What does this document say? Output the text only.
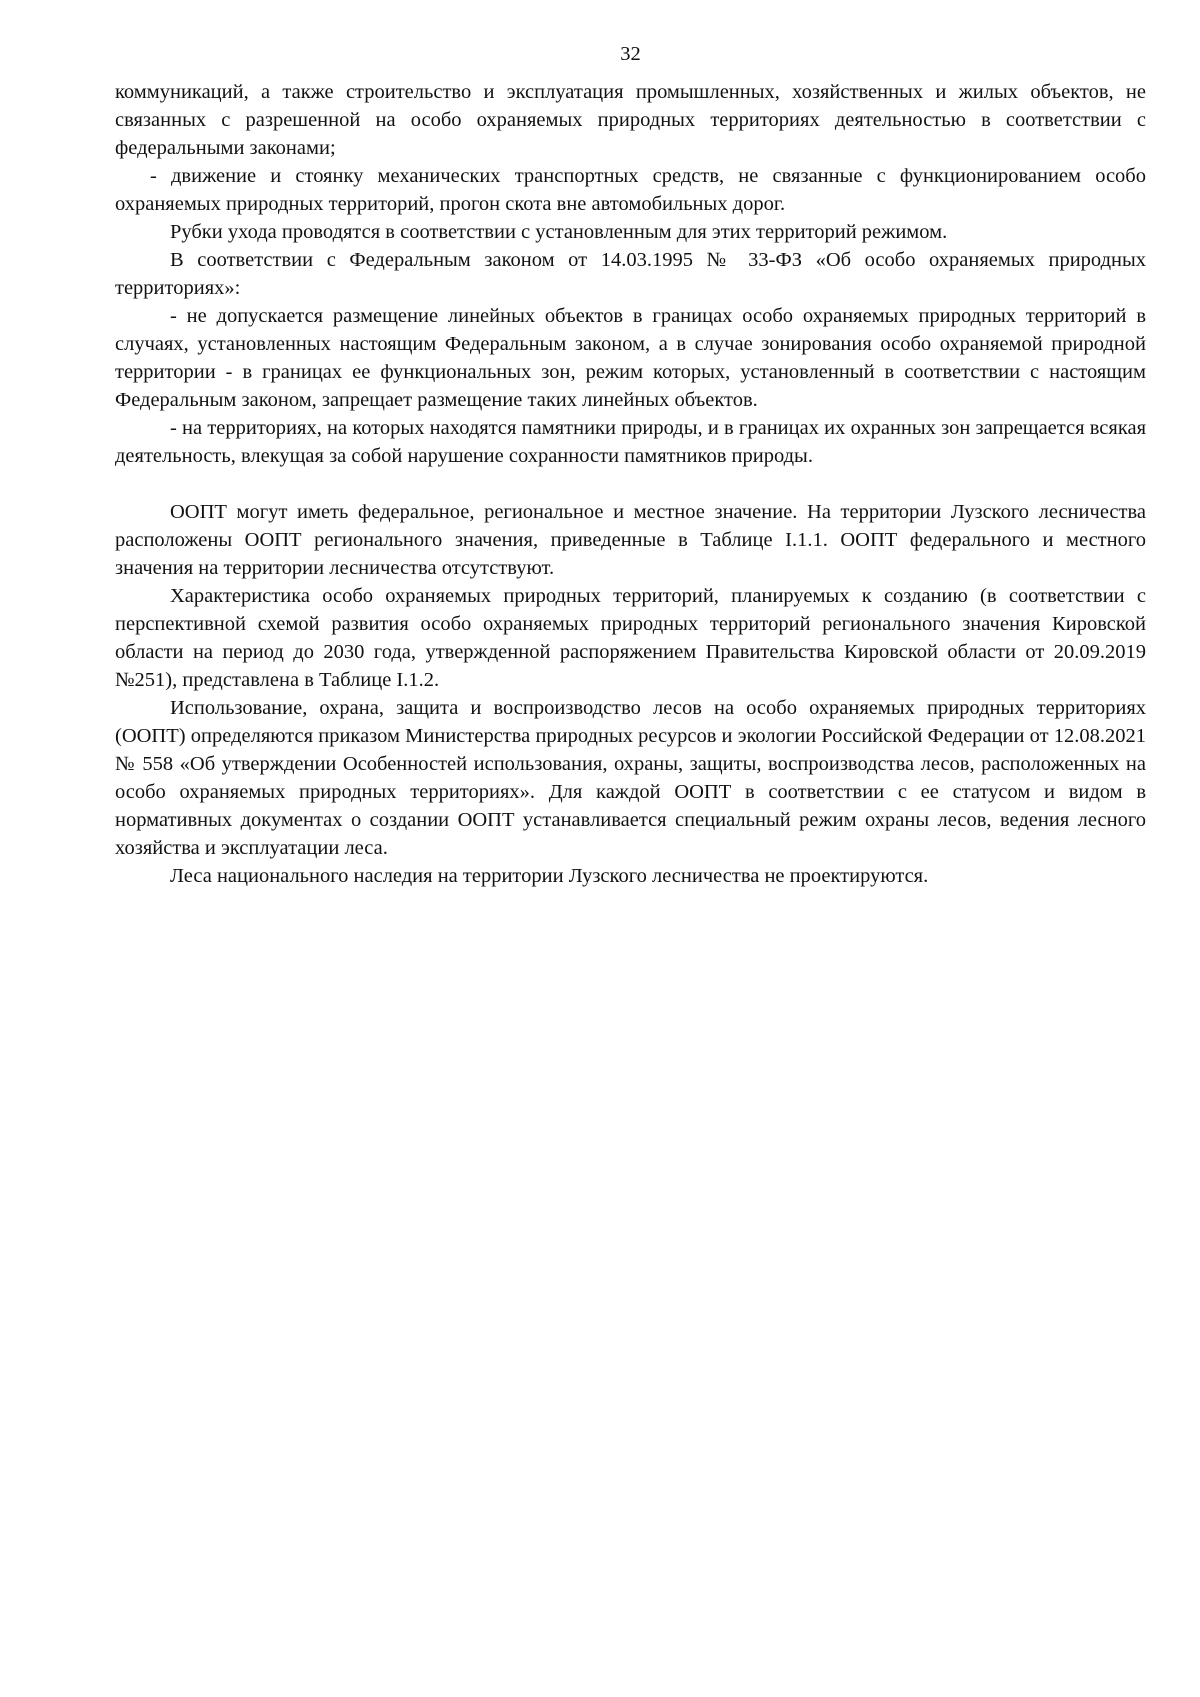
32

коммуникаций, а также строительство и эксплуатация промышленных, хозяйственных и жилых объектов, не связанных с разрешенной на особо охраняемых природных территориях деятельностью в соответствии с федеральными законами;

- движение и стоянку механических транспортных средств, не связанные с функционированием особо охраняемых природных территорий, прогон скота вне автомобильных дорог.

Рубки ухода проводятся в соответствии с установленным для этих территорий режимом.

В соответствии с Федеральным законом от 14.03.1995 № 33-ФЗ «Об особо охраняемых природных территориях»:

- не допускается размещение линейных объектов в границах особо охраняемых природных территорий в случаях, установленных настоящим Федеральным законом, а в случае зонирования особо охраняемой природной территории - в границах ее функциональных зон, режим которых, установленный в соответствии с настоящим Федеральным законом, запрещает размещение таких линейных объектов.

- на территориях, на которых находятся памятники природы, и в границах их охранных зон запрещается всякая деятельность, влекущая за собой нарушение сохранности памятников природы.

ООПТ могут иметь федеральное, региональное и местное значение. На территории Лузского лесничества расположены ООПТ регионального значения, приведенные в Таблице I.1.1. ООПТ федерального и местного значения на территории лесничества отсутствуют.

Характеристика особо охраняемых природных территорий, планируемых к созданию (в соответствии с перспективной схемой развития особо охраняемых природных территорий регионального значения Кировской области на период до 2030 года, утвержденной распоряжением Правительства Кировской области от 20.09.2019 №251), представлена в Таблице I.1.2.

Использование, охрана, защита и воспроизводство лесов на особо охраняемых природных территориях (ООПТ) определяются приказом Министерства природных ресурсов и экологии Российской Федерации от 12.08.2021 № 558 «Об утверждении Особенностей использования, охраны, защиты, воспроизводства лесов, расположенных на особо охраняемых природных территориях». Для каждой ООПТ в соответствии с ее статусом и видом в нормативных документах о создании ООПТ устанавливается специальный режим охраны лесов, ведения лесного хозяйства и эксплуатации леса.

Леса национального наследия на территории Лузского лесничества не проектируются.
